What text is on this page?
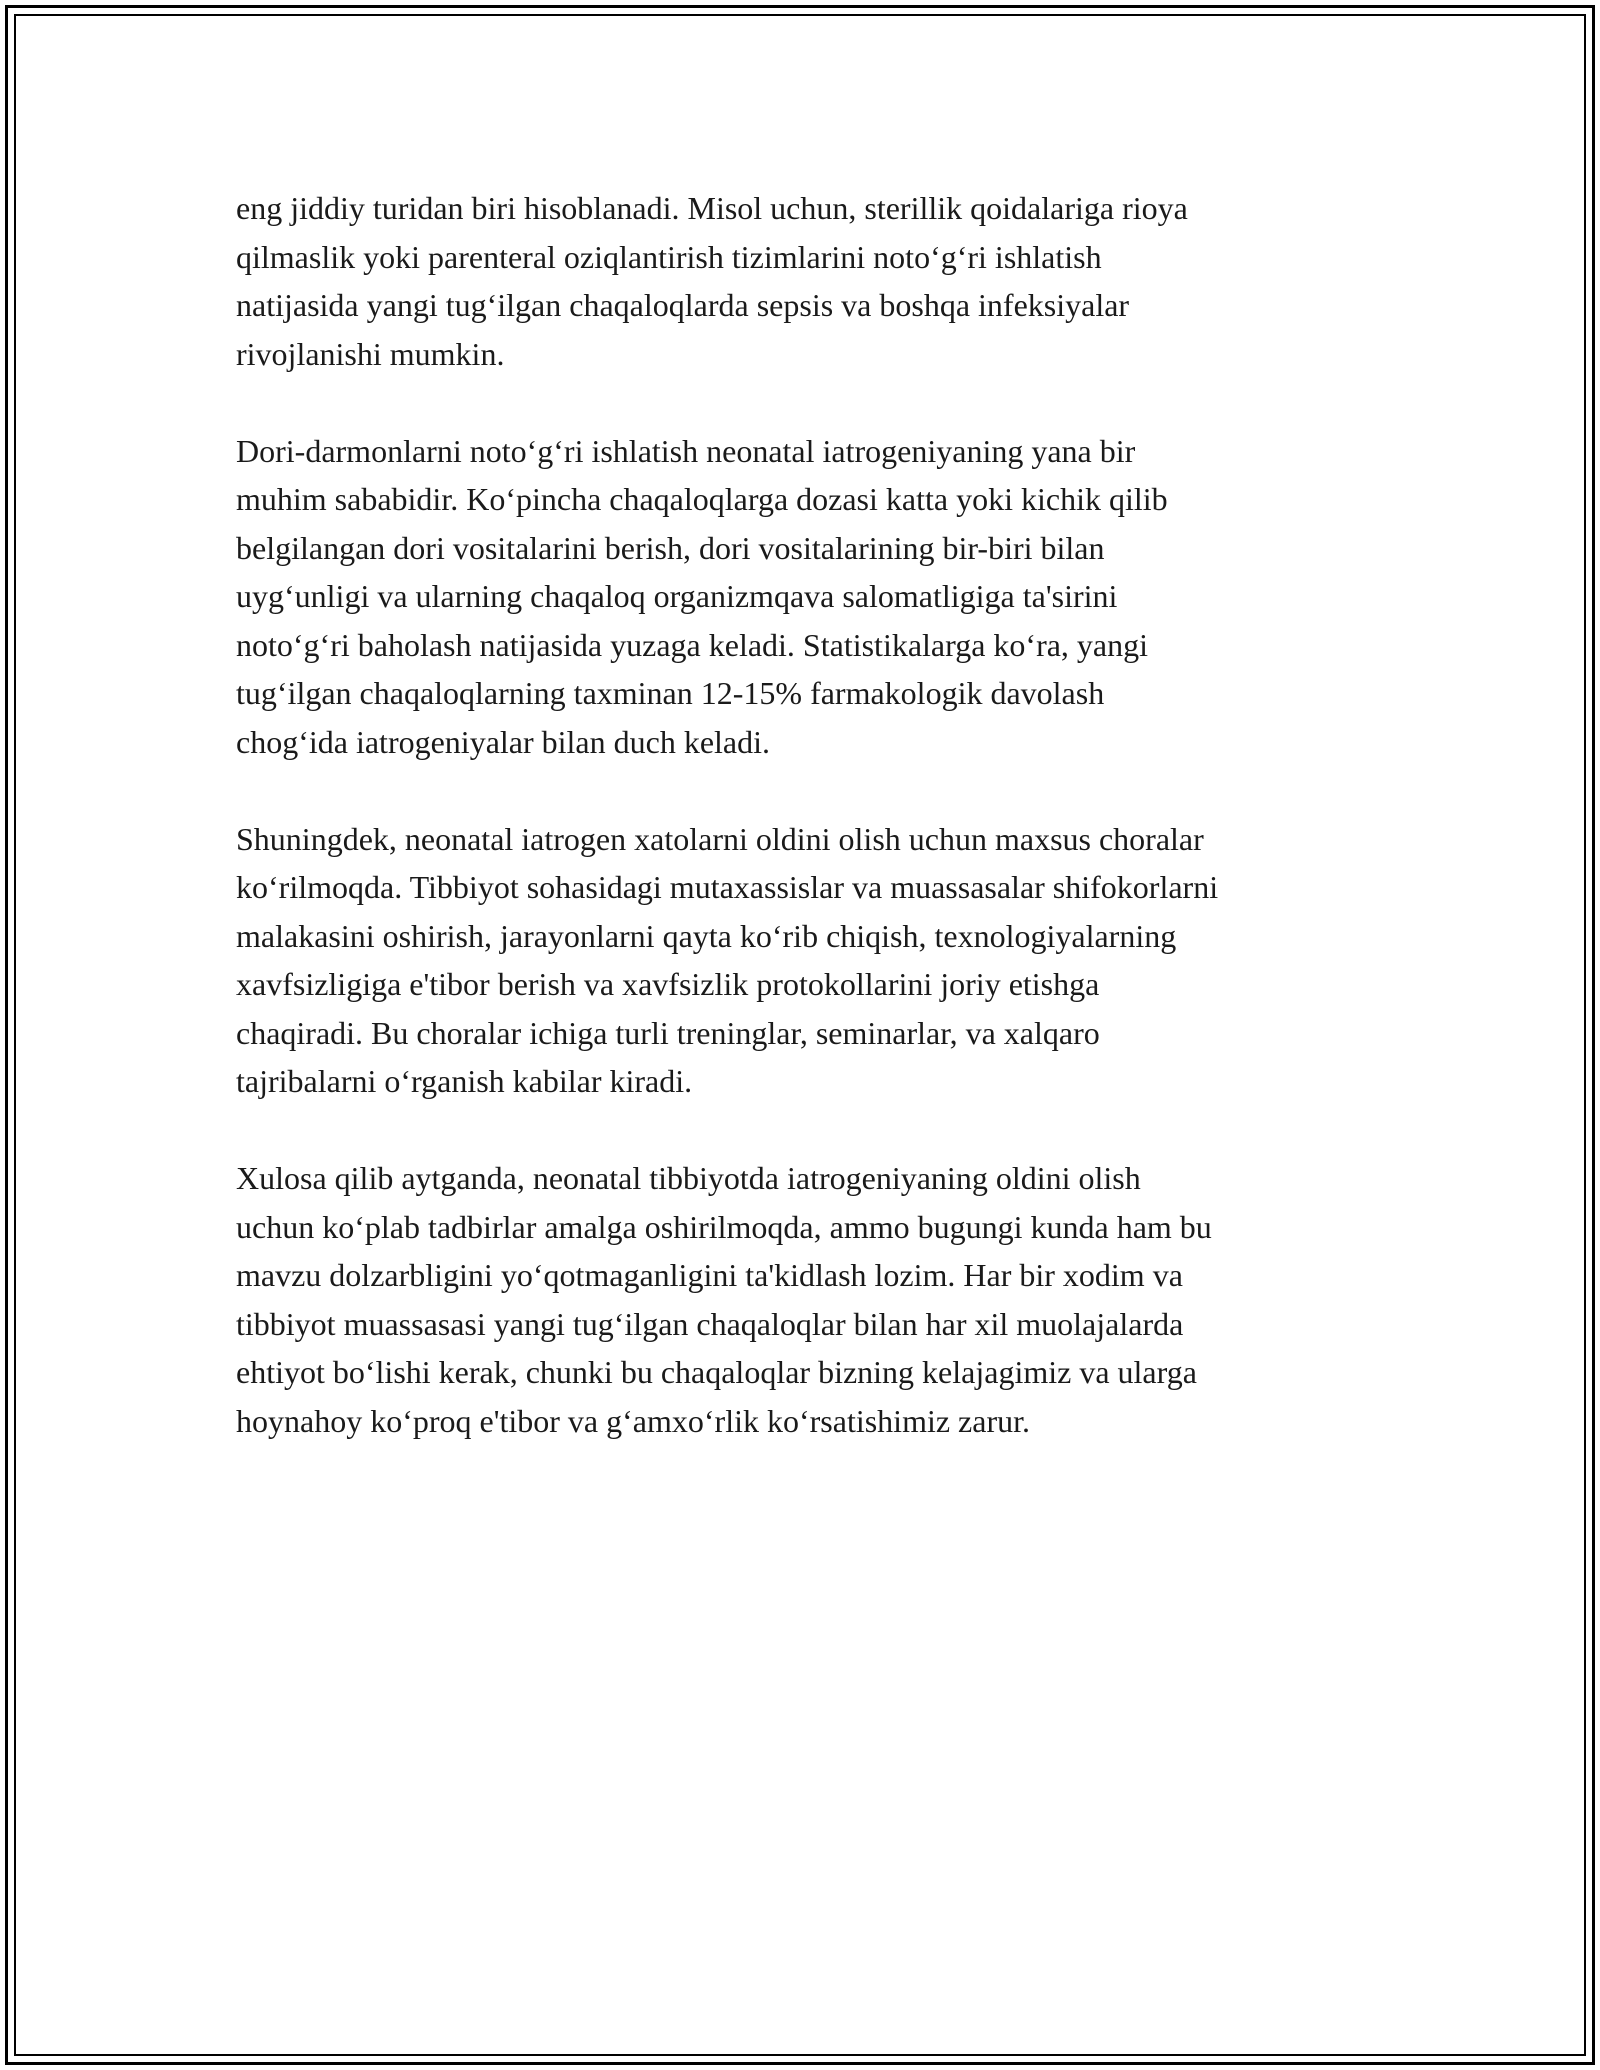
eng jiddiy turidan biri hisoblanadi. Misol uchun, sterillik qoidalariga rioya
qilmaslik yoki parenteral oziqlantirish tizimlarini noto‘g‘ri ishlatish
natijasida yangi tug‘ilgan chaqaloqlarda sepsis va boshqa infeksiyalar
rivojlanishi mumkin.

Dori-darmonlarni noto‘g‘ri ishlatish neonatal iatrogeniyaning yana bir
muhim sababidir. Ko‘pincha chaqaloqlarga dozasi katta yoki kichik qilib
belgilangan dori vositalarini berish, dori vositalarining bir-biri bilan
uyg‘unligi va ularning chaqaloq organizmqava salomatligiga ta'sirini
noto‘g‘ri baholash natijasida yuzaga keladi. Statistikalarga ko‘ra, yangi
tug‘ilgan chaqaloqlarning taxminan 12-15% farmakologik davolash
chog‘ida iatrogeniyalar bilan duch keladi.

Shuningdek, neonatal iatrogen xatolarni oldini olish uchun maxsus choralar
ko‘rilmoqda. Tibbiyot sohasidagi mutaxassislar va muassasalar shifokorlarni
malakasini oshirish, jarayonlarni qayta ko‘rib chiqish, texnologiyalarning
xavfsizligiga e'tibor berish va xavfsizlik protokollarini joriy etishga
chaqiradi. Bu choralar ichiga turli treninglar, seminarlar, va xalqaro
tajribalarni o‘rganish kabilar kiradi.

Xulosa qilib aytganda, neonatal tibbiyotda iatrogeniyaning oldini olish
uchun ko‘plab tadbirlar amalga oshirilmoqda, ammo bugungi kunda ham bu
mavzu dolzarbligini yo‘qotmaganligini ta'kidlash lozim. Har bir xodim va
tibbiyot muassasasi yangi tug‘ilgan chaqaloqlar bilan har xil muolajalarda
ehtiyot bo‘lishi kerak, chunki bu chaqaloqlar bizning kelajagimiz va ularga
hoynahoy ko‘proq e'tibor va g‘amxo‘rlik ko‘rsatishimiz zarur.
